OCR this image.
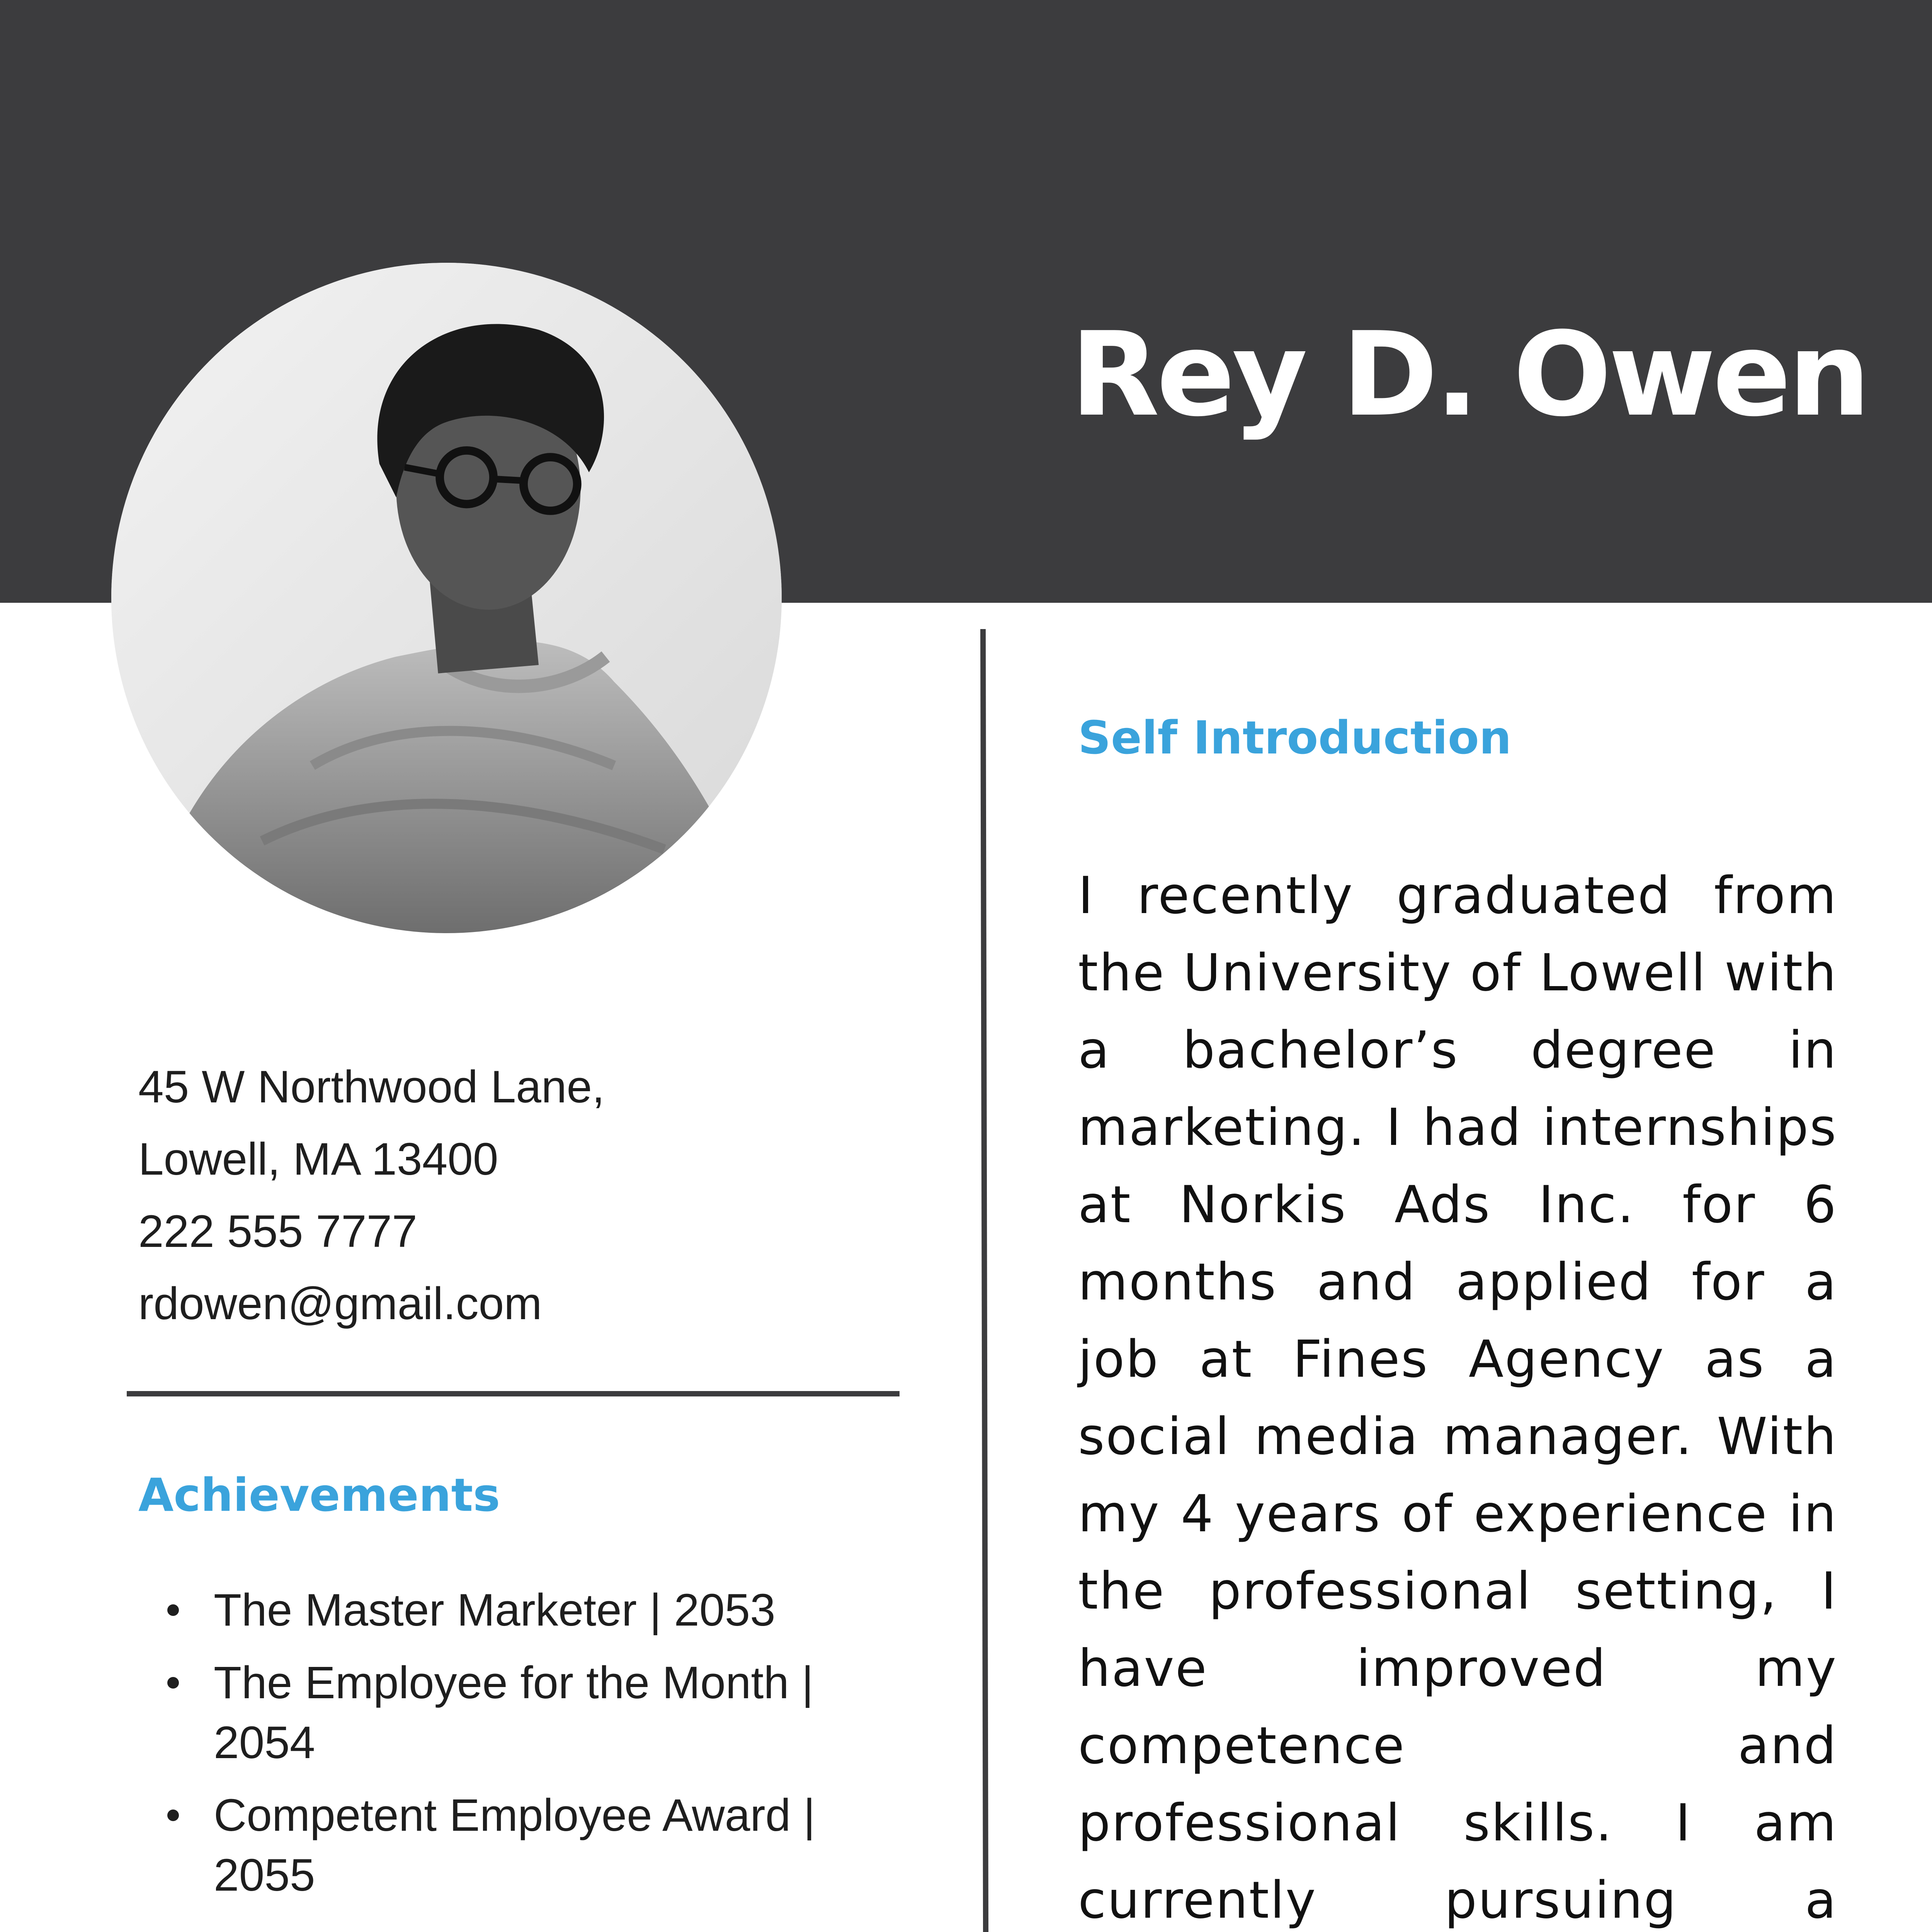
Rey D. Owen
45 W Northwood Lane,
Lowell, MA 13400
222 555 7777
rdowen@gmail.com
Achievements
The Master Marketer | 2053
The Employee for the Month | 2054
Competent Employee Award | 2055
Self Introduction
I recently graduated from the University of Lowell with a bachelor’s degree in marketing. I had internships at Norkis Ads Inc. for 6 months and applied for a job at Fines Agency as a social media manager. With my 4 years of experience in the professional setting, I have improved my competence and professional skills. I am currently pursuing a
